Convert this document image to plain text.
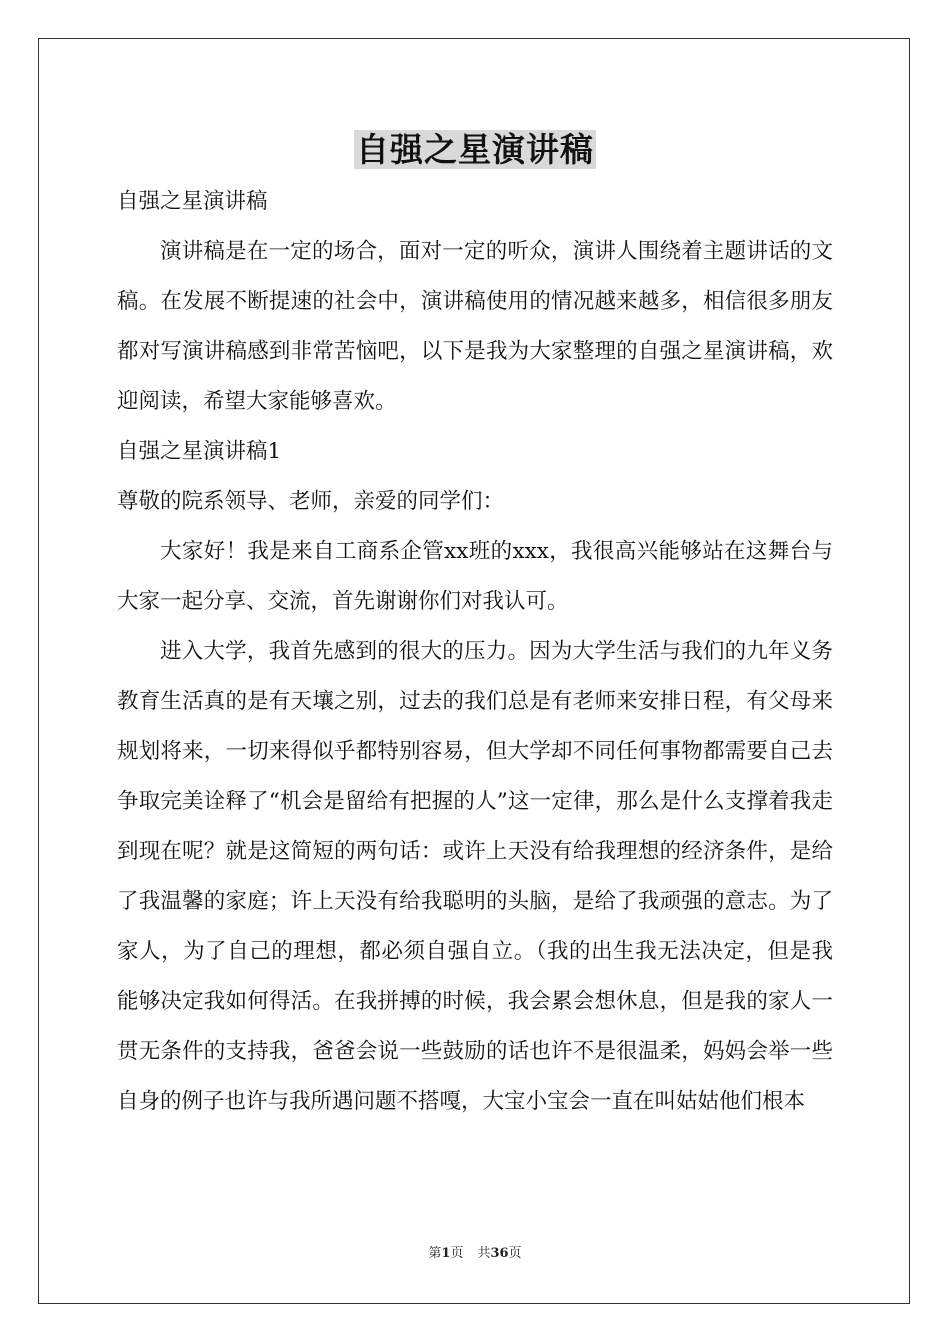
自强之星演讲稿

自强之星演讲稿

演讲稿是在一定的场合，面对一定的听众，演讲人围绕着主题讲话的文稿。在发展不断提速的社会中，演讲稿使用的情况越来越多，相信很多朋友都对写演讲稿感到非常苦恼吧，以下是我为大家整理的自强之星演讲稿，欢迎阅读，希望大家能够喜欢。

自强之星演讲稿1

尊敬的院系领导、老师，亲爱的同学们：

大家好！我是来自工商系企管xx班的xxx，我很高兴能够站在这舞台与大家一起分享、交流，首先谢谢你们对我认可。

进入大学，我首先感到的很大的压力。因为大学生活与我们的九年义务教育生活真的是有天壤之别，过去的我们总是有老师来安排日程，有父母来规划将来，一切来得似乎都特别容易，但大学却不同任何事物都需要自己去争取完美诠释了“机会是留给有把握的人”这一定律，那么是什么支撑着我走到现在呢？就是这简短的两句话：或许上天没有给我理想的经济条件，是给了我温馨的家庭；许上天没有给我聪明的头脑，是给了我顽强的意志。为了家人，为了自己的理想，都必须自强自立。（我的出生我无法决定，但是我能够决定我如何得活。在我拼搏的时候，我会累会想休息，但是我的家人一贯无条件的支持我，爸爸会说一些鼓励的话也许不是很温柔，妈妈会举一些自身的例子也许与我所遇问题不搭嘎，大宝小宝会一直在叫姑姑他们根本

第1页 共36页
